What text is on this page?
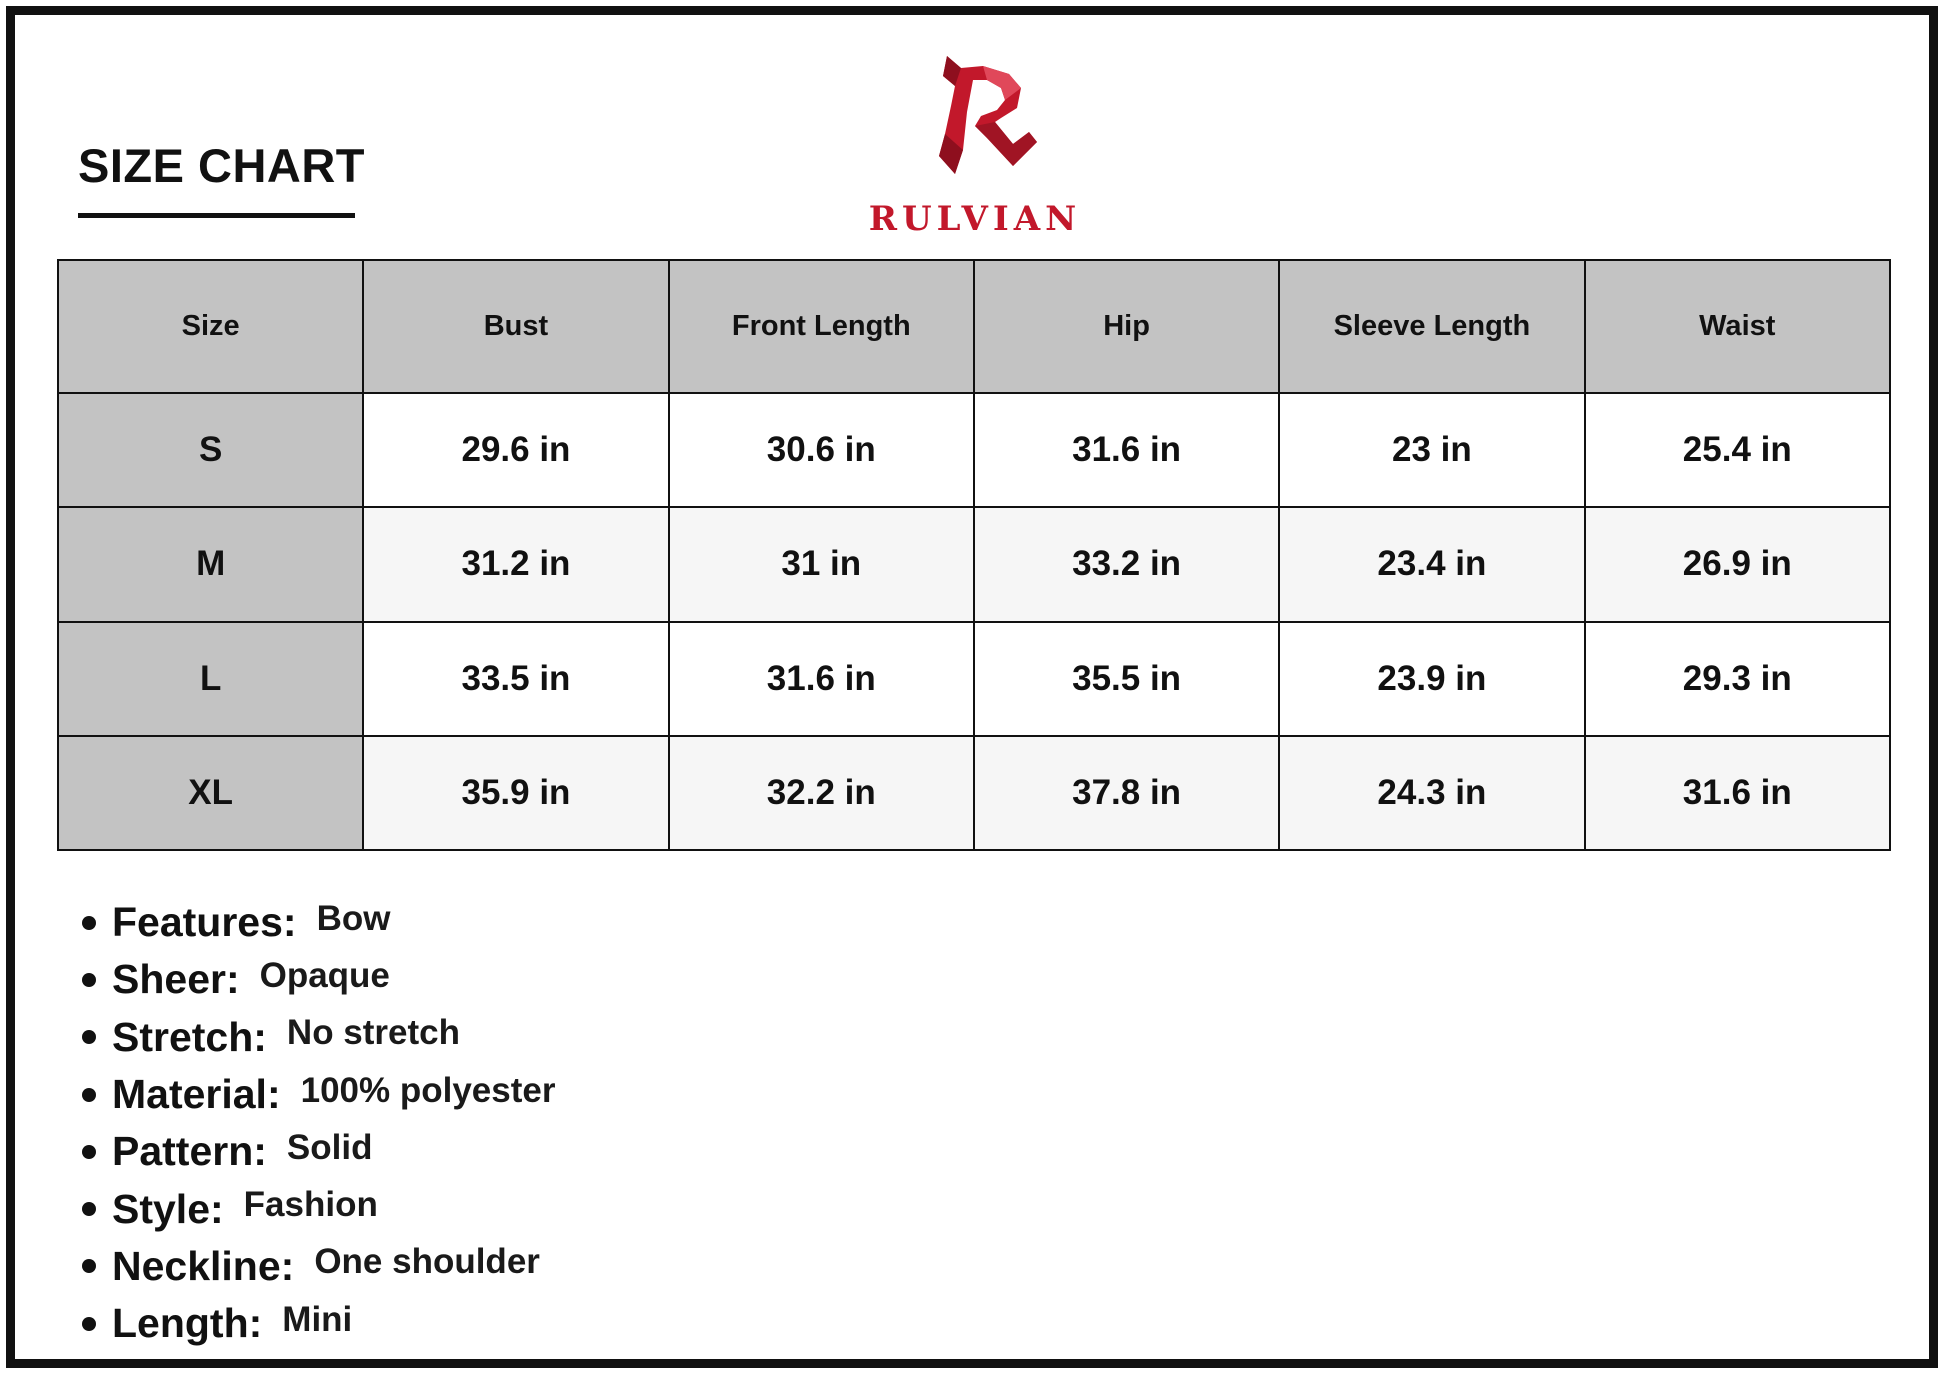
SIZE CHART
RULVIAN
Size	Bust	Front Length	Hip	Sleeve Length	Waist
S	29.6 in	30.6 in	31.6 in	23 in	25.4 in
M	31.2 in	31 in	33.2 in	23.4 in	26.9 in
L	33.5 in	31.6 in	35.5 in	23.9 in	29.3 in
XL	35.9 in	32.2 in	37.8 in	24.3 in	31.6 in
Features: Bow
Sheer: Opaque
Stretch: No stretch
Material: 100% polyester
Pattern: Solid
Style: Fashion
Neckline: One shoulder
Length: Mini
